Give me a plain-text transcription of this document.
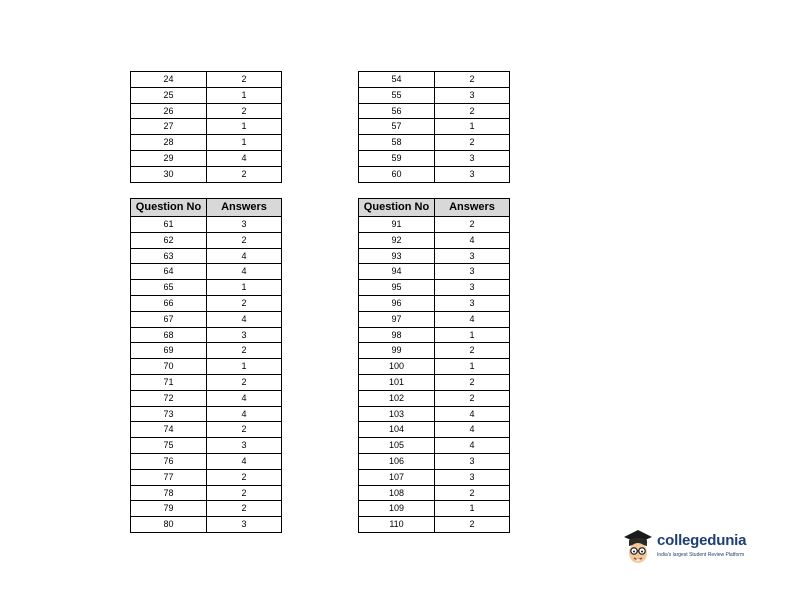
24	2
25	1
26	2
27	1
28	1
29	4
30	2
54	2
55	3
56	2
57	1
58	2
59	3
60	3
Question No	Answers
61	3
62	2
63	4
64	4
65	1
66	2
67	4
68	3
69	2
70	1
71	2
72	4
73	4
74	2
75	3
76	4
77	2
78	2
79	2
80	3
Question No	Answers
91	2
92	4
93	3
94	3
95	3
96	3
97	4
98	1
99	2
100	1
101	2
102	2
103	4
104	4
105	4
106	3
107	3
108	2
109	1
110	2
collegedunia
India's largest Student Review Platform
